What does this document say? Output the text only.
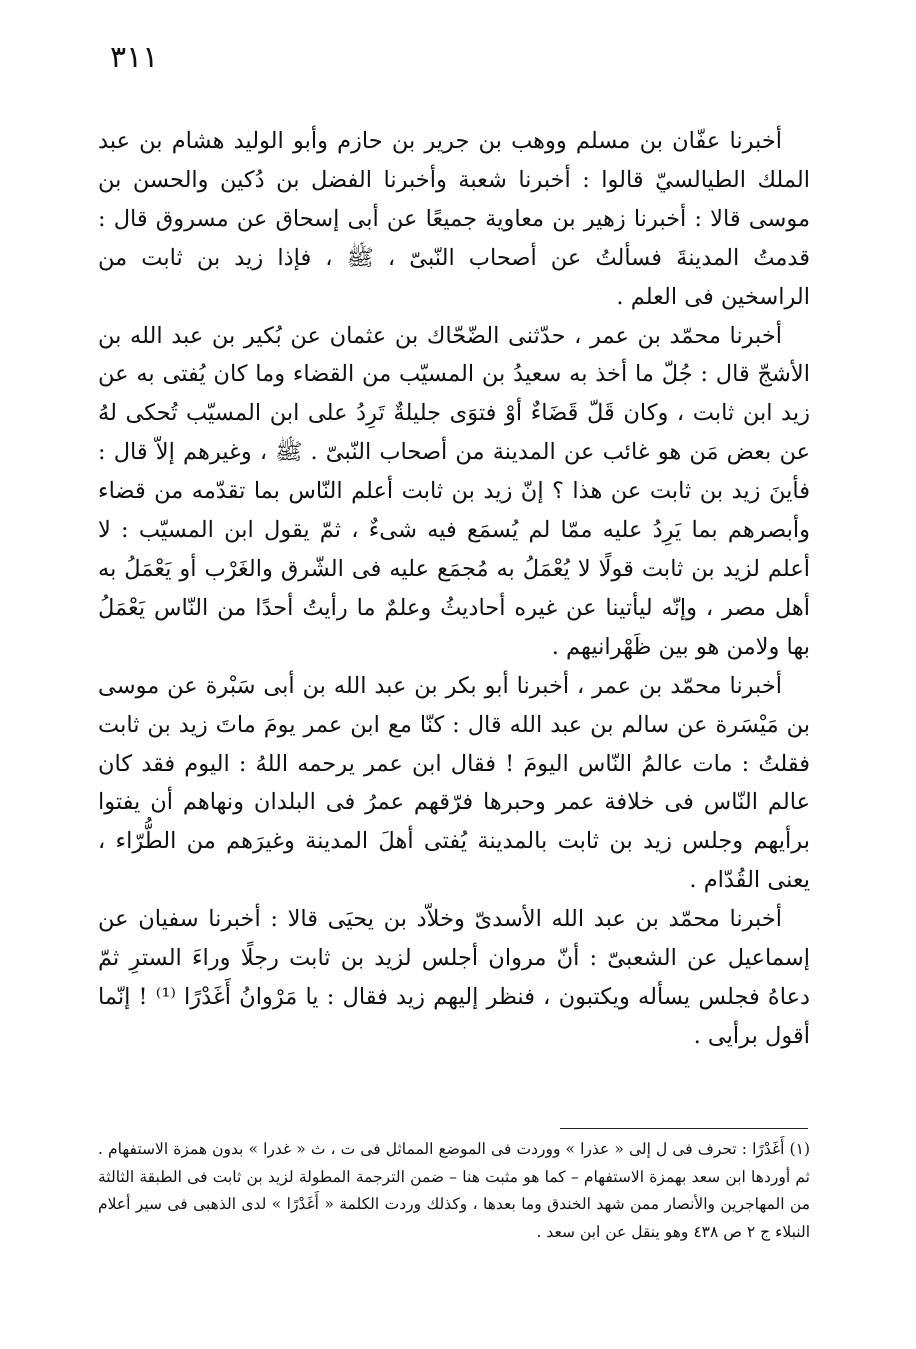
٣١١

أخبرنا عفّان بن مسلم ووهب بن جرير بن حازم وأبو الوليد هشام بن عبد الملك الطيالسيّ قالوا : أخبرنا شعبة وأخبرنا الفضل بن دُكين والحسن بن موسى قالا : أخبرنا زهير بن معاوية جميعًا عن أبى إسحاق عن مسروق قال : قدمتُ المدينةَ فسألتُ عن أصحاب النّبىّ ، ﷺ ، فإذا زيد بن ثابت من الراسخين فى العلم .

أخبرنا محمّد بن عمر ، حدّثنى الضّحّاك بن عثمان عن بُكير بن عبد الله بن الأشجّ قال : جُلّ ما أخذ به سعيدُ بن المسيّب من القضاء وما كان يُفتى به عن زيد ابن ثابت ، وكان قَلّ قَضَاءٌ أوْ فتوَى جليلةٌ تَرِدُ على ابن المسيّب تُحكى لهُ عن بعض مَن هو غائب عن المدينة من أصحاب النّبىّ . ﷺ ، وغيرهم إلاّ قال : فأينَ زيد بن ثابت عن هذا ؟ إنّ زيد بن ثابت أعلم النّاس بما تقدّمه من قضاء وأبصرهم بما يَرِدُ عليه ممّا لم يُسمَع فيه شىءٌ ، ثمّ يقول ابن المسيّب : لا أعلم لزيد بن ثابت قولًا لا يُعْمَلُ به مُجمَع عليه فى الشّرق والغَرْب أو يَعْمَلُ به أهل مصر ، وإنّه ليأتينا عن غيره أحاديثُ وعلمٌ ما رأيتُ أحدًا من النّاس يَعْمَلُ بها ولامن هو بين ظَهْرانيهم .

أخبرنا محمّد بن عمر ، أخبرنا أبو بكر بن عبد الله بن أبى سَبْرة عن موسى بن مَيْسَرة عن سالم بن عبد الله قال : كنّا مع ابن عمر يومَ ماتَ زيد بن ثابت فقلتُ : مات عالمُ النّاس اليومَ ! فقال ابن عمر يرحمه اللهُ : اليوم فقد كان عالم النّاس فى خلافة عمر وحبرها فرّقهم عمرُ فى البلدان ونهاهم أن يفتوا برأيهم وجلس زيد بن ثابت بالمدينة يُفتى أهلَ المدينة وغيرَهم من الطُّرّاء ، يعنى القُدّام .

أخبرنا محمّد بن عبد الله الأسدىّ وخلاّد بن يحيَى قالا : أخبرنا سفيان عن إسماعيل عن الشعبىّ : أنّ مروان أجلس لزيد بن ثابت رجلًا وراءَ السترِ ثمّ دعاهُ فجلس يسأله ويكتبون ، فنظر إليهم زيد فقال : يا مَرْوانُ أَغَدْرًا ⁽¹⁾ ! إنّما أقول برأيى .

(١) أَغَدْرًا : تحرف فى ل إلى « عذرا » ووردت فى الموضع المماثل فى ت ، ث « غدرا » بدون همزة الاستفهام . ثم أوردها ابن سعد بهمزة الاستفهام – كما هو مثبت هنا – ضمن الترجمة المطولة لزيد بن ثابت فى الطبقة الثالثة من المهاجرين والأنصار ممن شهد الخندق وما بعدها ، وكذلك وردت الكلمة « أَغَدْرًا » لدى الذهبى فى سير أعلام النبلاء ج ٢ ص ٤٣٨ وهو ينقل عن ابن سعد .
